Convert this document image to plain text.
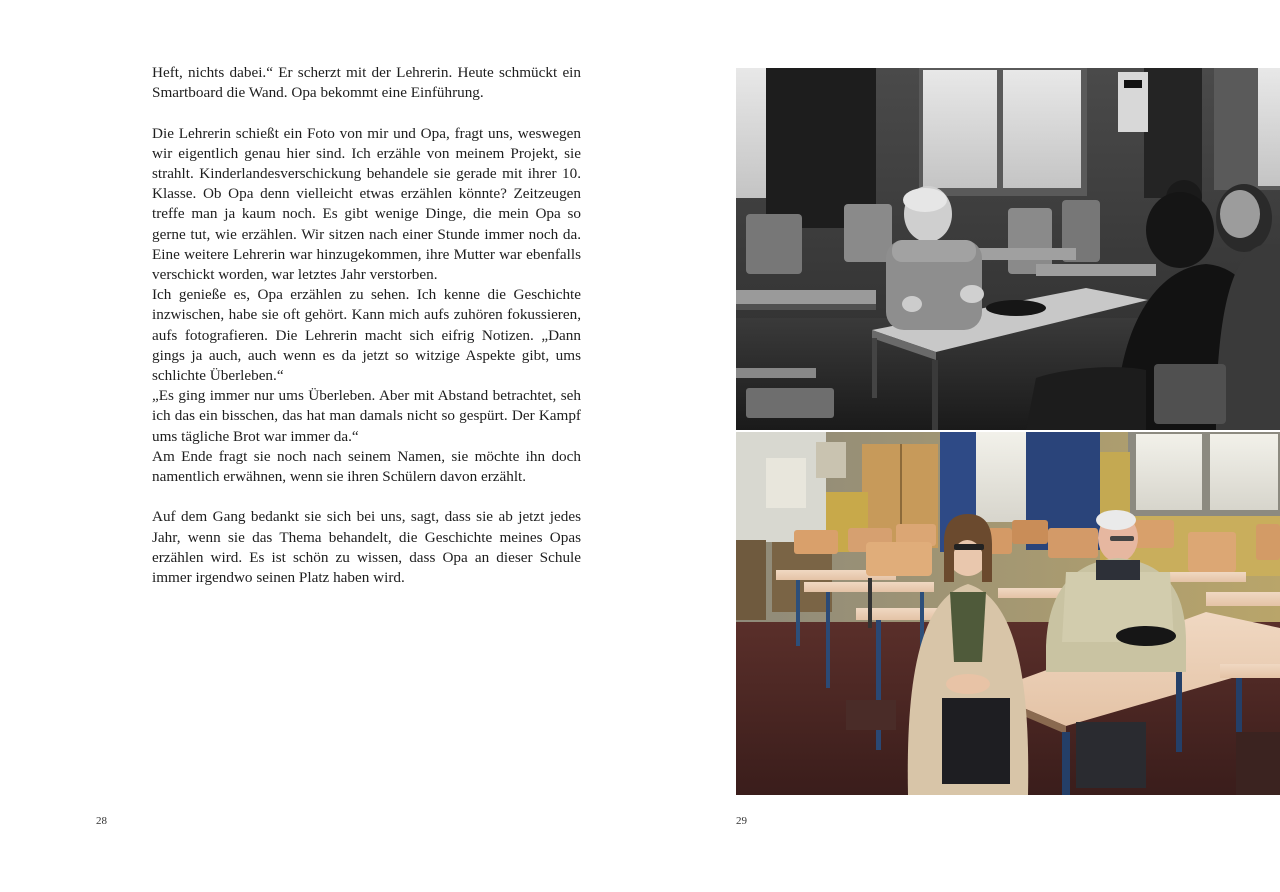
Heft, nichts dabei.“ Er scherzt mit der Lehrerin. Heute schmückt ein Smartboard die Wand. Opa bekommt eine Einführung.

Die Lehrerin schießt ein Foto von mir und Opa, fragt uns, weswegen wir eigentlich genau hier sind. Ich erzähle von meinem Projekt, sie strahlt. Kinderlandesverschickung behandele sie gerade mit ihrer 10. Klasse. Ob Opa denn vielleicht etwas erzählen könnte? Zeitzeugen treffe man ja kaum noch. Es gibt wenige Dinge, die mein Opa so gerne tut, wie erzählen. Wir sitzen nach einer Stunde immer noch da. Eine weitere Lehrerin war hinzugekommen, ihre Mutter war ebenfalls verschickt worden, war letztes Jahr verstorben.

Ich genieße es, Opa erzählen zu sehen. Ich kenne die Geschichte inzwischen, habe sie oft gehört. Kann mich aufs zuhören fokussieren, aufs fotografieren. Die Lehrerin macht sich eifrig Notizen. „Dann gings ja auch, auch wenn es da jetzt so witzige Aspekte gibt, ums schlichte Überleben.“

„Es ging immer nur ums Überleben. Aber mit Abstand betrachtet, seh ich das ein bisschen, das hat man damals nicht so gespürt. Der Kampf ums tägliche Brot war immer da.“

Am Ende fragt sie noch nach seinem Namen, sie möchte ihn doch namentlich erwähnen, wenn sie ihren Schülern davon erzählt.

Auf dem Gang bedankt sie sich bei uns, sagt, dass sie ab jetzt jedes Jahr, wenn sie das Thema behandelt, die Geschichte meines Opas erzählen wird. Es ist schön zu wissen, dass Opa an dieser Schule immer irgendwo seinen Platz haben wird.

28	29
